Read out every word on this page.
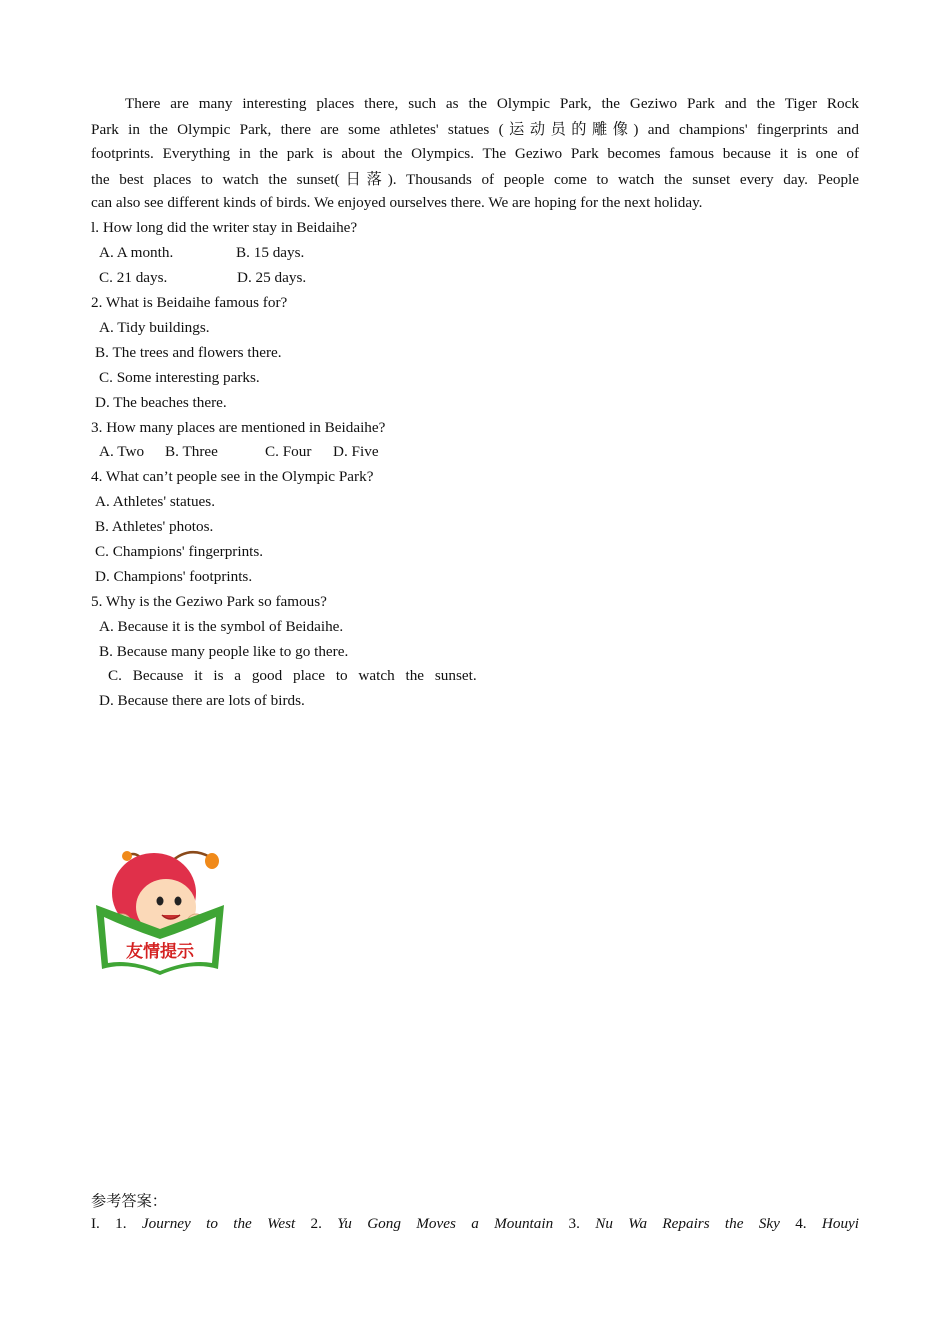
There are many interesting places there, such as the Olympic Park, the Geziwo Park and the Tiger Rock
Park in the Olympic Park, there are some athletes' statues (运动员的雕像) and champions' fingerprints and
footprints. Everything in the park is about the Olympics. The Geziwo Park becomes famous because it is one of
the best places to watch the sunset(日落). Thousands of people come to watch the sunset every day. People
can also see different kinds of birds. We enjoyed ourselves there. We are hoping for the next holiday.
l. How long did the writer stay in Beidaihe?
A. A month.	B. 15 days.
C. 21 days.	D. 25 days.
2. What is Beidaihe famous for?
A. Tidy buildings.
B. The trees and flowers there.
C. Some interesting parks.
D. The beaches there.
3. How many places are mentioned in Beidaihe?
A. Two B. Three	C. Four D. Five
4. What can’t people see in the Olympic Park?
A. Athletes' statues.
B. Athletes' photos.
C. Champions' fingerprints.
D. Champions' footprints.
5. Why is the Geziwo Park so famous?
A. Because it is the symbol of Beidaihe.
B. Because many people like to go there.
C. Because it is a good place to watch the sunset.
D. Because there are lots of birds.
友情提示
参考答案：
I. 1. Journey to the West 2. Yu Gong Moves a Mountain 3. Nu Wa Repairs the Sky 4. Houyi
